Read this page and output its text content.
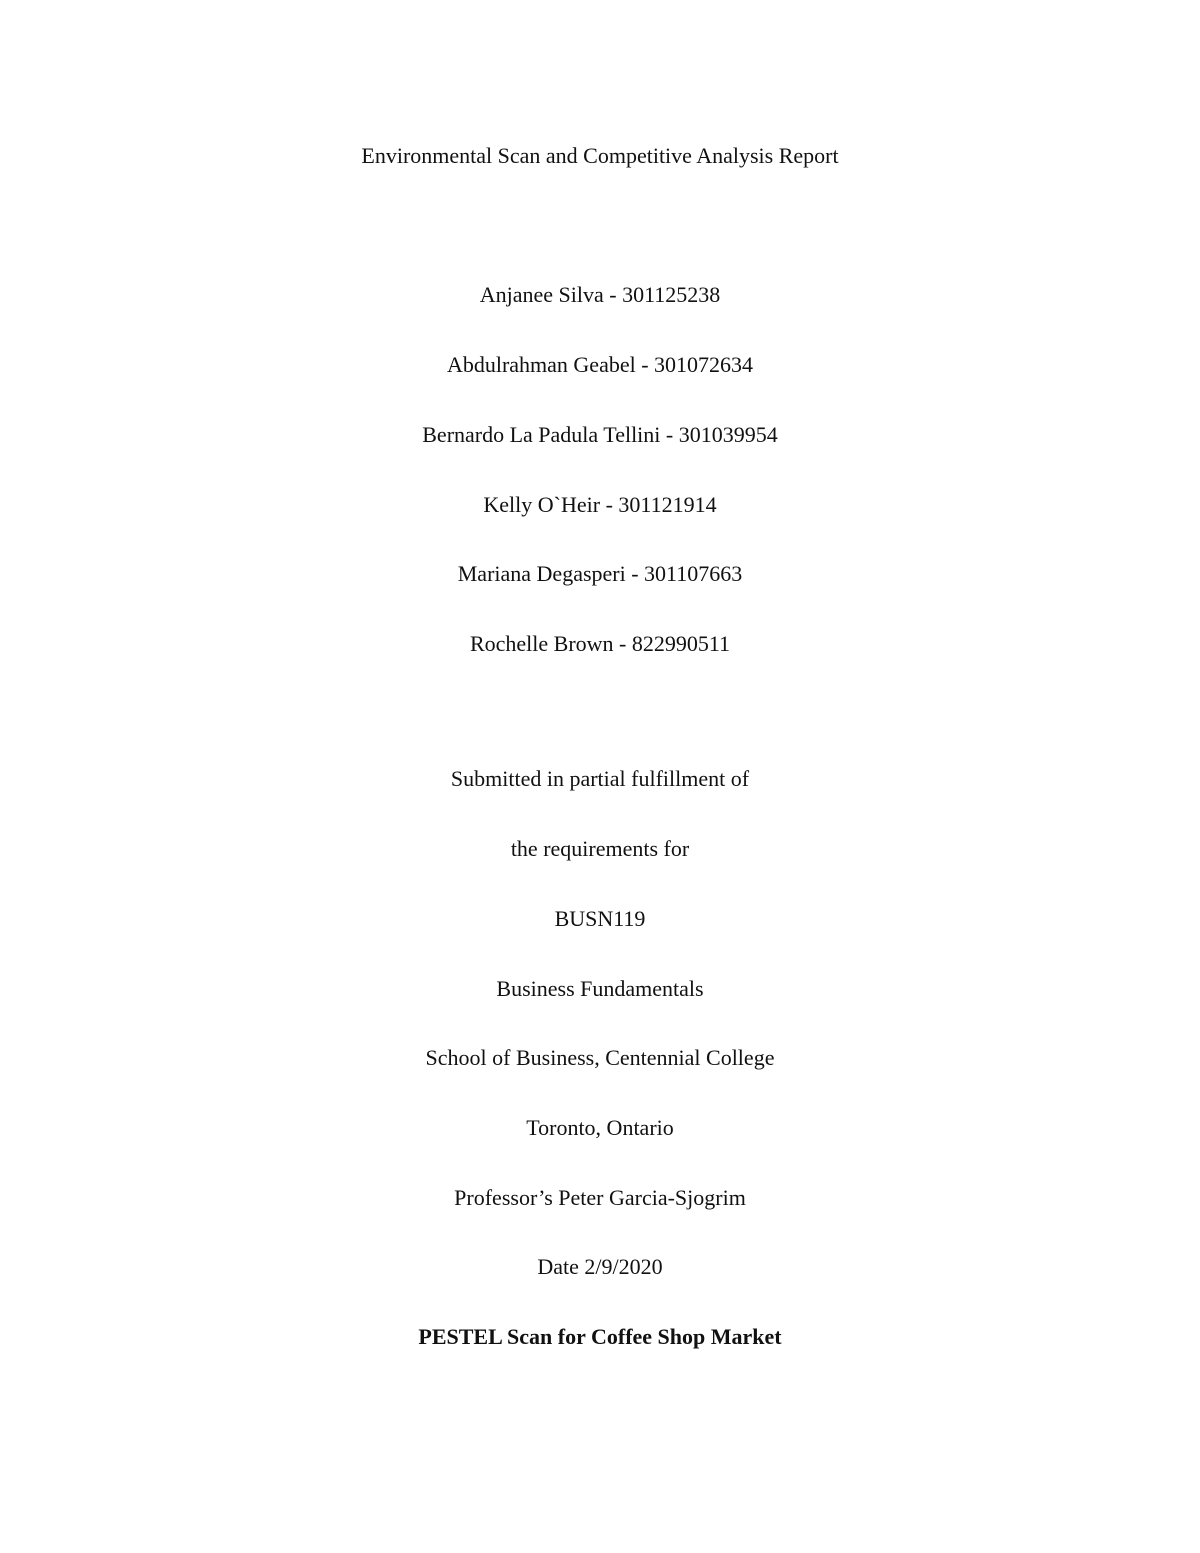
Environmental Scan and Competitive Analysis Report

Anjanee Silva - 301125238

Abdulrahman Geabel - 301072634

Bernardo La Padula Tellini - 301039954

Kelly O`Heir - 301121914

Mariana Degasperi - 301107663

Rochelle Brown - 822990511

Submitted in partial fulfillment of

the requirements for

BUSN119

Business Fundamentals

School of Business, Centennial College

Toronto, Ontario

Professor’s Peter Garcia-Sjogrim

Date 2/9/2020

PESTEL Scan for Coffee Shop Market
